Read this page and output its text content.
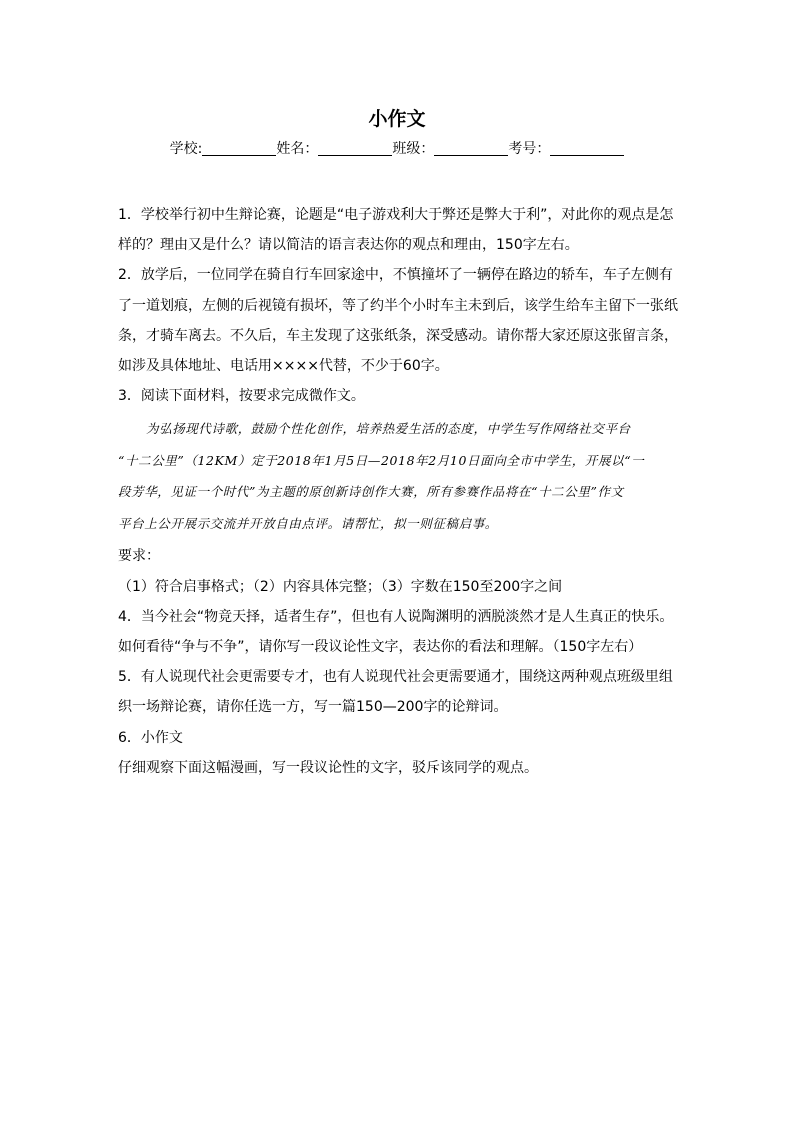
小作文
学校:	姓名：	班级：	考号：

1．学校举行初中生辩论赛，论题是“电子游戏利大于弊还是弊大于利”，对此你的观点是怎

样的？理由又是什么？请以简洁的语言表达你的观点和理由，150字左右。

2．放学后，一位同学在骑自行车回家途中，不慎撞坏了一辆停在路边的轿车，车子左侧有

了一道划痕，左侧的后视镜有损坏，等了约半个小时车主未到后，该学生给车主留下一张纸

条，才骑车离去。不久后，车主发现了这张纸条，深受感动。请你帮大家还原这张留言条，

如涉及具体地址、电话用××××代替，不少于60字。

3．阅读下面材料，按要求完成微作文。

为弘扬现代诗歌，鼓励个性化创作，培养热爱生活的态度，中学生写作网络社交平台
“十二公里”（12KM）定于2018年1月5日—2018年2月10日面向全市中学生，开展以“一
段芳华，见证一个时代”为主题的原创新诗创作大赛，所有参赛作品将在“十二公里”作文
平台上公开展示交流并开放自由点评。请帮忙，拟一则征稿启事。

要求：

（1）符合启事格式；（2）内容具体完整；（3）字数在150至200字之间

4．当今社会“物竞天择，适者生存”，但也有人说陶渊明的洒脱淡然才是人生真正的快乐。

如何看待“争与不争”，请你写一段议论性文字，表达你的看法和理解。（150字左右）

5．有人说现代社会更需要专才，也有人说现代社会更需要通才，围绕这两种观点班级里组

织一场辩论赛，请你任选一方，写一篇150—200字的论辩词。

6．小作文

仔细观察下面这幅漫画，写一段议论性的文字，驳斥该同学的观点。
